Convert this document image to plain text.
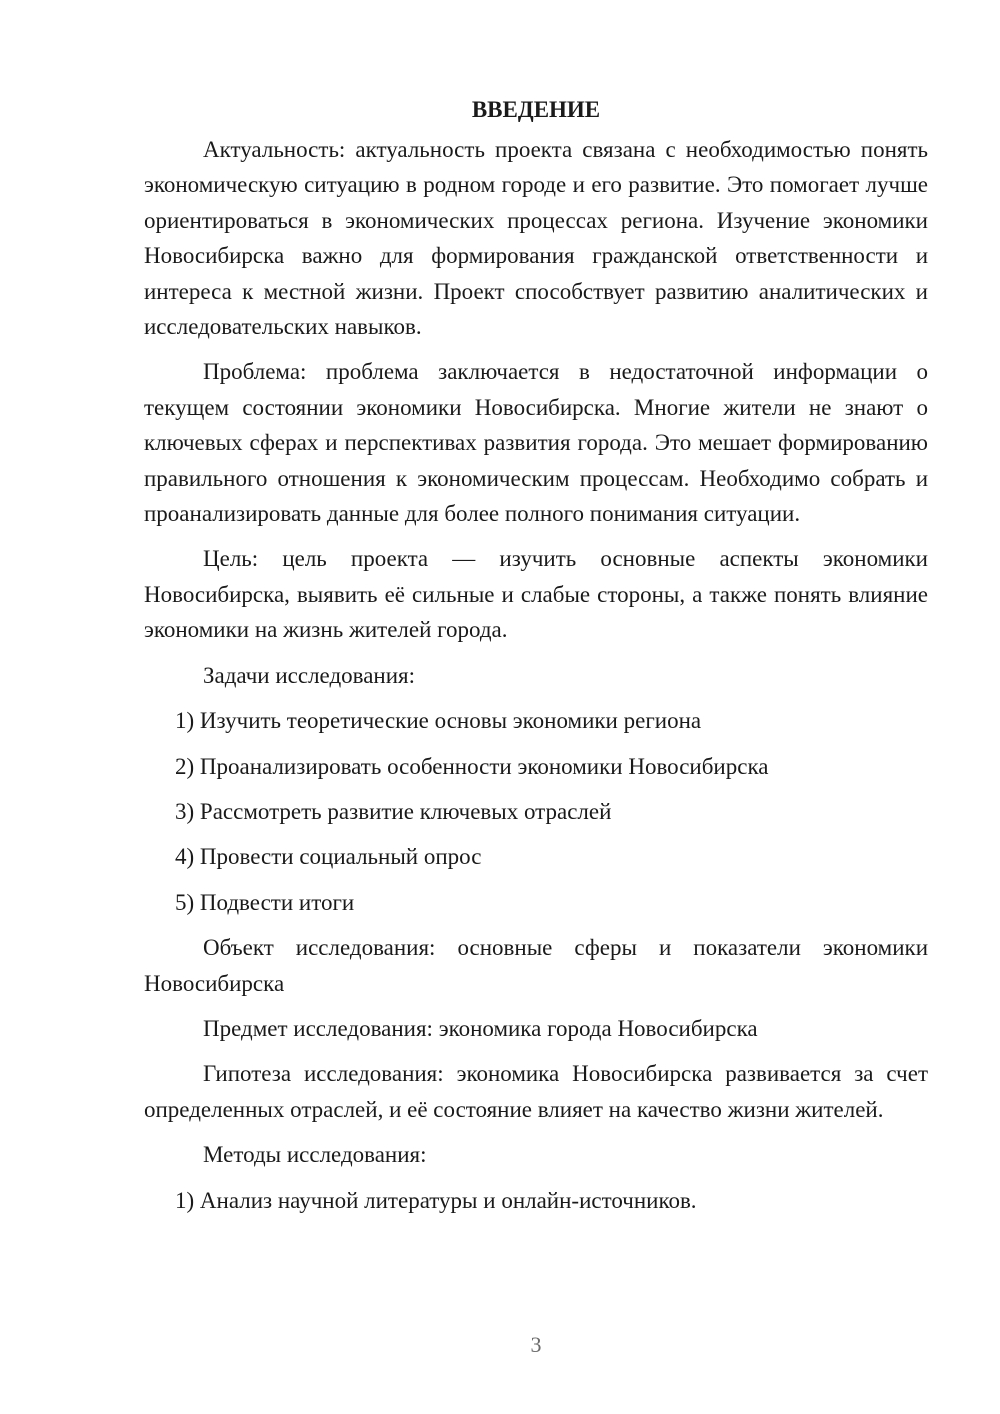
ВВЕДЕНИЕ

Актуальность: актуальность проекта связана с необходимостью понять экономическую ситуацию в родном городе и его развитие. Это помогает лучше ориентироваться в экономических процессах региона. Изучение экономики Новосибирска важно для формирования гражданской ответственности и интереса к местной жизни. Проект способствует развитию аналитических и исследовательских навыков.

Проблема: проблема заключается в недостаточной информации о текущем состоянии экономики Новосибирска. Многие жители не знают о ключевых сферах и перспективах развития города. Это мешает формированию правильного отношения к экономическим процессам. Необходимо собрать и проанализировать данные для более полного понимания ситуации.

Цель: цель проекта — изучить основные аспекты экономики Новосибирска, выявить её сильные и слабые стороны, а также понять влияние экономики на жизнь жителей города.

Задачи исследования:
1) Изучить теоретические основы экономики региона
2) Проанализировать особенности экономики Новосибирска
3) Рассмотреть развитие ключевых отраслей
4) Провести социальный опрос
5) Подвести итоги

Объект исследования: основные сферы и показатели экономики Новосибирска

Предмет исследования: экономика города Новосибирска

Гипотеза исследования: экономика Новосибирска развивается за счет определенных отраслей, и её состояние влияет на качество жизни жителей.

Методы исследования:
1) Анализ научной литературы и онлайн-источников.
3
